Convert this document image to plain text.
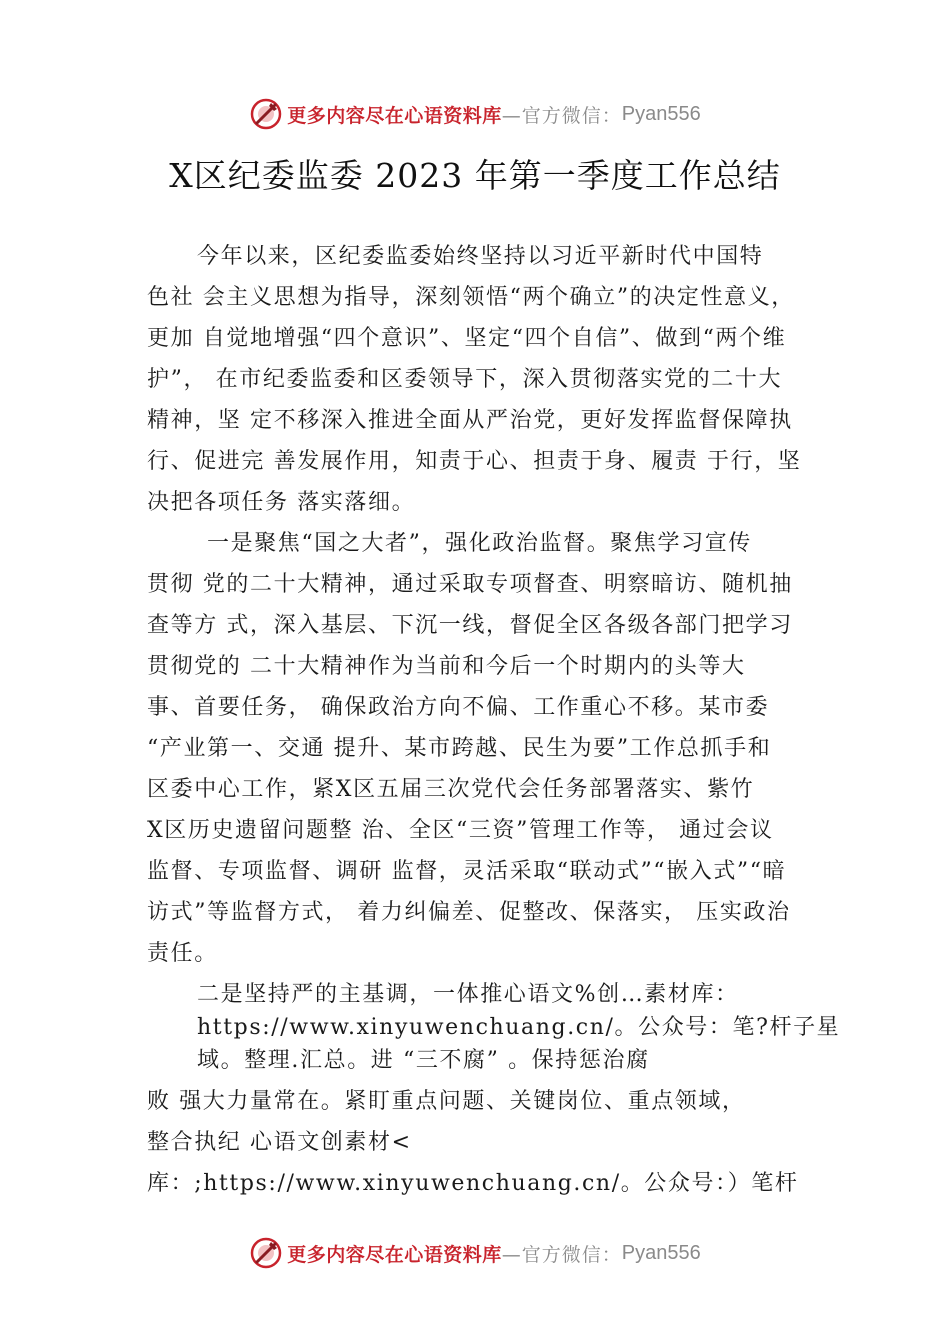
更多内容尽在心语资料库 —官方微信： Pyan556
X区纪委监委 2023 年第一季度工作总结
今年以来，区纪委监委始终坚持以习近平新时代中国特
色社 会主义思想为指导，深刻领悟“两个确立”的决定性意义，
更加 自觉地增强“四个意识”、坚定“四个自信”、做到“两个维
护”， 在市纪委监委和区委领导下，深入贯彻落实党的二十大
精神，坚 定不移深入推进全面从严治党，更好发挥监督保障执
行、促进完 善发展作用，知责于心、担责于身、履责 于行，坚
决把各项任务 落实落细。
一是聚焦“国之大者”，强化政治监督。聚焦学习宣传
贯彻 党的二十大精神，通过采取专项督查、明察暗访、随机抽
查等方 式，深入基层、下沉一线，督促全区各级各部门把学习
贯彻党的 二十大精神作为当前和今后一个时期内的头等大
事、首要任务， 确保政治方向不偏、工作重心不移。某市委
“产业第一、交通 提升、某市跨越、民生为要”工作总抓手和
区委中心工作，紧X区五届三次党代会任务部署落实、紫竹
X区历史遗留问题整 治、全区“三资”管理工作等， 通过会议
监督、专项监督、调研 监督，灵活采取“联动式”“嵌入式”“暗
访式”等监督方式， 着力纠偏差、促整改、保落实， 压实政治
责任。
二是坚持严的主基调，一体推心语文%创…素材库：
https://www.xinyuwenchuang.cn/。公众号：笔?杆子星
域。整理.汇总。进 “三不腐” 。保持惩治腐
败 强大力量常在。紧盯重点问题、关键岗位、重点领域，
整合执纪 心语文创素材<
库：;https://www.xinyuwenchuang.cn/。公众号：）笔杆
更多内容尽在心语资料库 —官方微信： Pyan556
